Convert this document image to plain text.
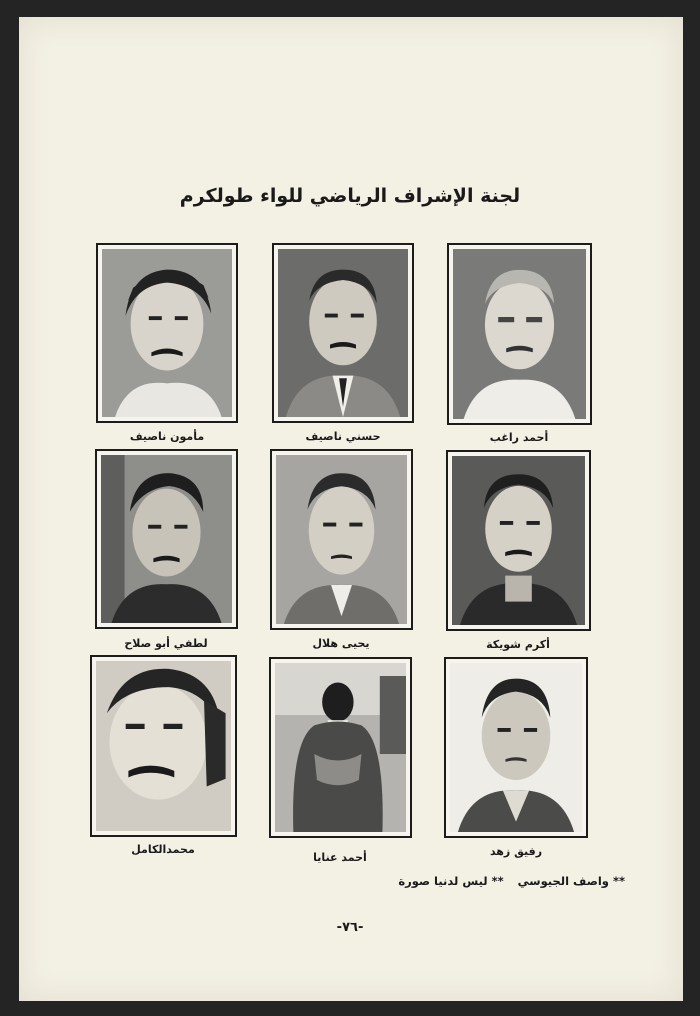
لجنة الإشراف الرياضي للواء طولكرم
مأمون ناصيف	حسني ناصيف	أحمد راغب
لطفي أبو صلاح	يحيى هلال	أكرم شويكة
محمدالكامل
أحمد عنايا	رفيق زهد
** واصف الجيوسي** ليس لدنيا صورة
-٧٦-
